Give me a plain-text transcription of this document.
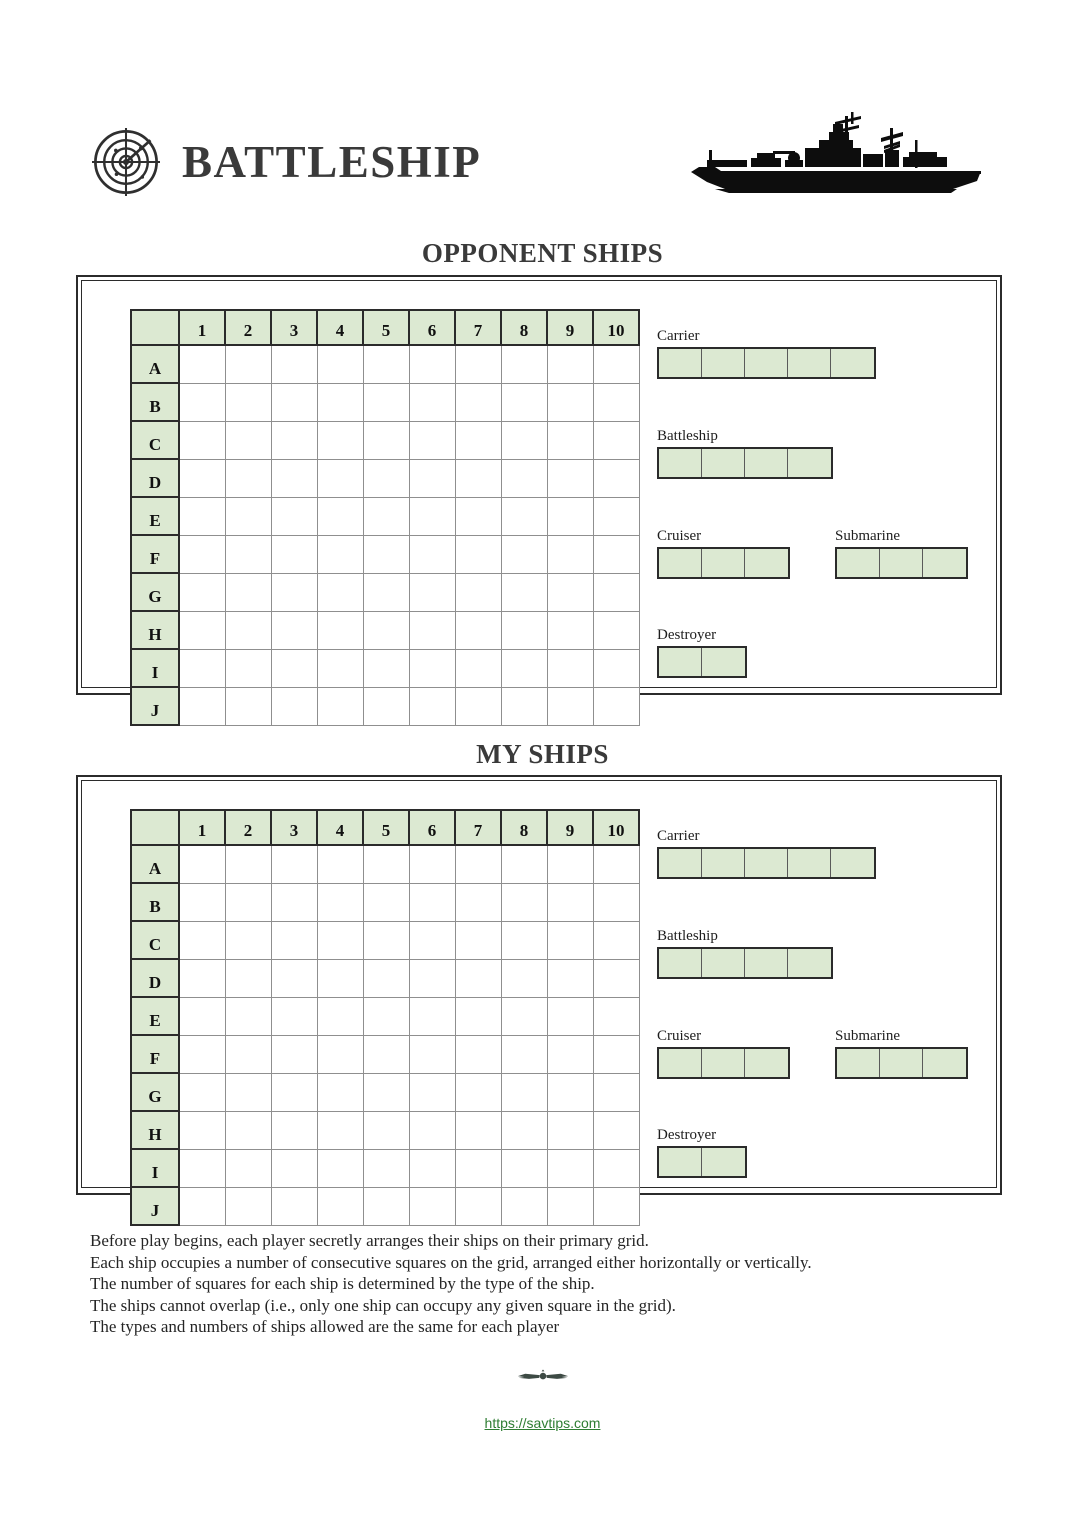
BATTLESHIP
OPPONENT SHIPS
	1	2	3	4	5	6	7	8	9	10
A										
B										
C										
D										
E										
F										
G										
H										
I										
J										
Carrier
Battleship
Cruiser	Submarine
Destroyer
MY SHIPS
	1	2	3	4	5	6	7	8	9	10
A										
B										
C										
D										
E										
F										
G										
H										
I										
J										
Carrier
Battleship
Cruiser	Submarine
Destroyer

Before play begins, each player secretly arranges their ships on their primary grid.

Each ship occupies a number of consecutive squares on the grid, arranged either horizontally or vertically.

The number of squares for each ship is determined by the type of the ship.

The ships cannot overlap (i.e., only one ship can occupy any given square in the grid).

The types and numbers of ships allowed are the same for each player

https://savtips.com
